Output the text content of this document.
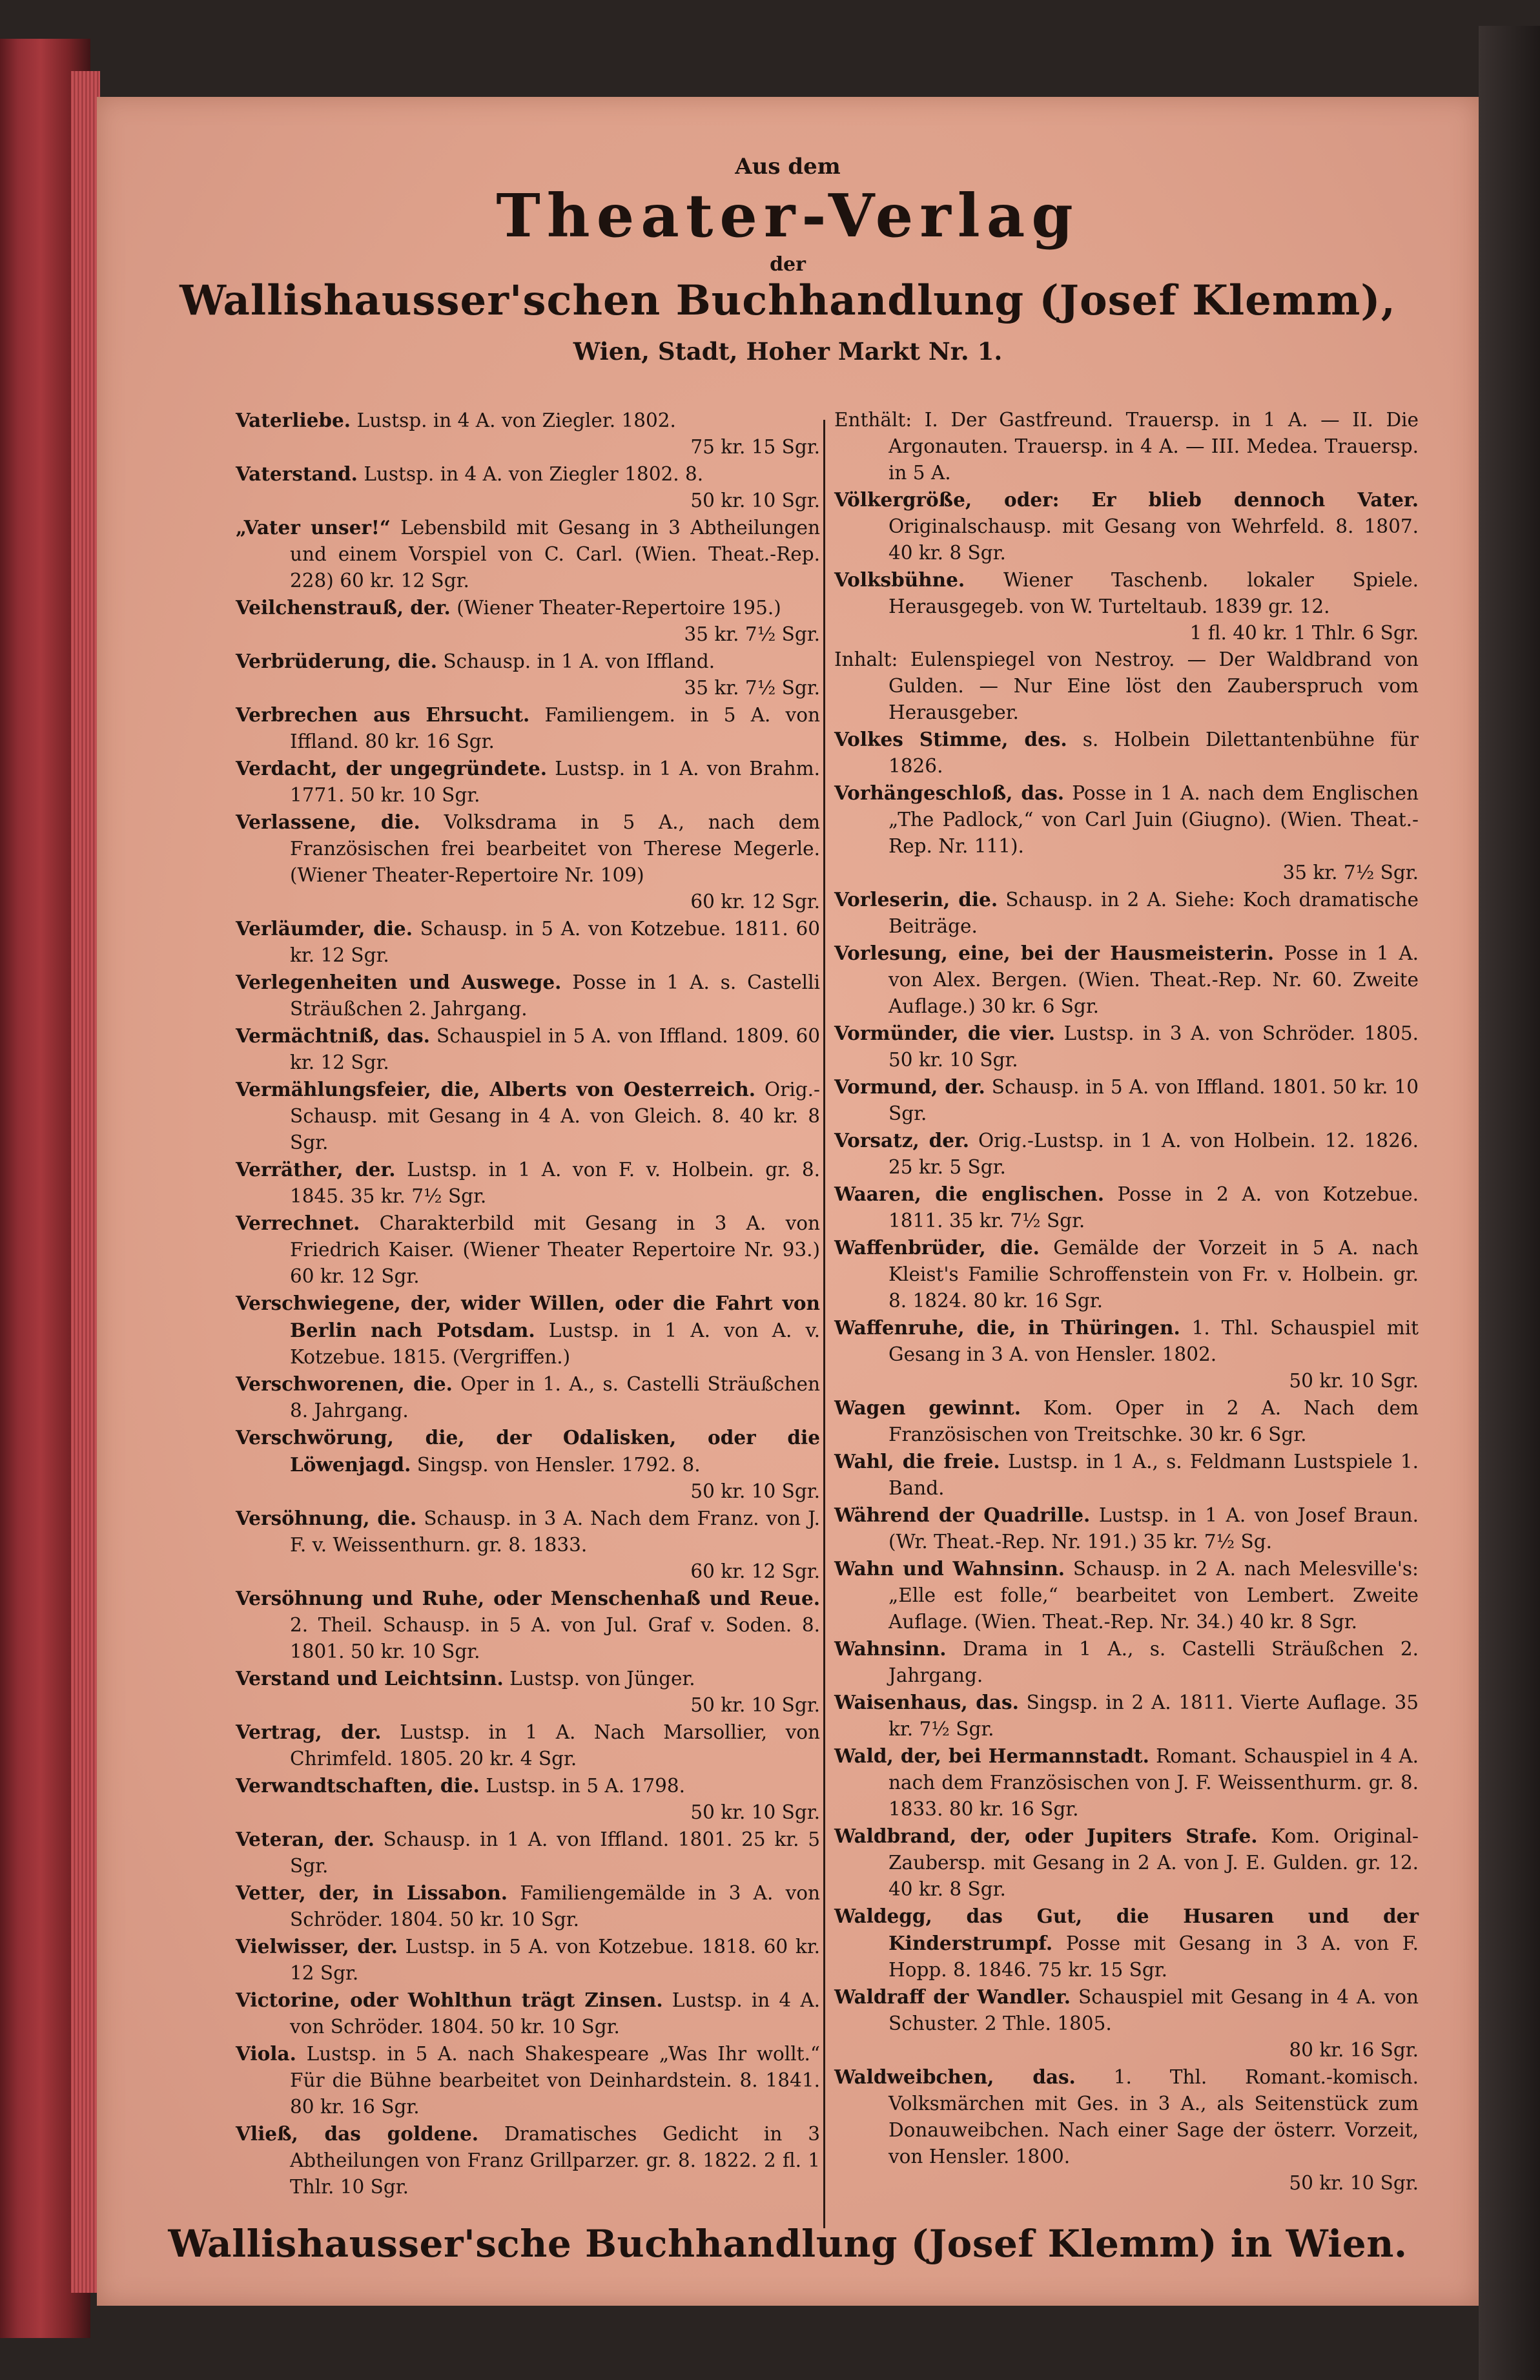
Aus dem
Theater-Verlag
der
Wallishausser'schen Buchhandlung (Josef Klemm),
Wien, Stadt, Hoher Markt Nr. 1.
Vaterliebe. Lustsp. in 4 A. von Ziegler. 1802.
75 kr. 15 Sgr.
Vaterstand. Lustsp. in 4 A. von Ziegler 1802. 8.
50 kr. 10 Sgr.
„Vater unser!“ Lebensbild mit Gesang in 3 Abtheilungen und einem Vorspiel von C. Carl. (Wien. Theat.-Rep. 228) 60 kr. 12 Sgr.
Veilchenstrauß, der. (Wiener Theater-Repertoire 195.)
35 kr. 7½ Sgr.
Verbrüderung, die. Schausp. in 1 A. von Iffland.
35 kr. 7½ Sgr.
Verbrechen aus Ehrsucht. Familiengem. in 5 A. von Iffland. 80 kr. 16 Sgr.
Verdacht, der ungegründete. Lustsp. in 1 A. von Brahm. 1771. 50 kr. 10 Sgr.
Verlassene, die. Volksdrama in 5 A., nach dem Französischen frei bearbeitet von Therese Megerle. (Wiener Theater-Repertoire Nr. 109)
60 kr. 12 Sgr.
Verläumder, die. Schausp. in 5 A. von Kotzebue. 1811. 60 kr. 12 Sgr.
Verlegenheiten und Auswege. Posse in 1 A. s. Castelli Sträußchen 2. Jahrgang.
Vermächtniß, das. Schauspiel in 5 A. von Iffland. 1809. 60 kr. 12 Sgr.
Vermählungsfeier, die, Alberts von Oesterreich. Orig.-Schausp. mit Gesang in 4 A. von Gleich. 8. 40 kr. 8 Sgr.
Verräther, der. Lustsp. in 1 A. von F. v. Holbein. gr. 8. 1845. 35 kr. 7½ Sgr.
Verrechnet. Charakterbild mit Gesang in 3 A. von Friedrich Kaiser. (Wiener Theater Repertoire Nr. 93.) 60 kr. 12 Sgr.
Verschwiegene, der, wider Willen, oder die Fahrt von Berlin nach Potsdam. Lustsp. in 1 A. von A. v. Kotzebue. 1815. (Vergriffen.)
Verschworenen, die. Oper in 1. A., s. Castelli Sträußchen 8. Jahrgang.
Verschwörung, die, der Odalisken, oder die Löwenjagd. Singsp. von Hensler. 1792. 8.
50 kr. 10 Sgr.
Versöhnung, die. Schausp. in 3 A. Nach dem Franz. von J. F. v. Weissenthurn. gr. 8. 1833.
60 kr. 12 Sgr.
Versöhnung und Ruhe, oder Menschenhaß und Reue. 2. Theil. Schausp. in 5 A. von Jul. Graf v. Soden. 8. 1801. 50 kr. 10 Sgr.
Verstand und Leichtsinn. Lustsp. von Jünger.
50 kr. 10 Sgr.
Vertrag, der. Lustsp. in 1 A. Nach Marsollier, von Chrimfeld. 1805. 20 kr. 4 Sgr.
Verwandtschaften, die. Lustsp. in 5 A. 1798.
50 kr. 10 Sgr.
Veteran, der. Schausp. in 1 A. von Iffland. 1801. 25 kr. 5 Sgr.
Vetter, der, in Lissabon. Familiengemälde in 3 A. von Schröder. 1804. 50 kr. 10 Sgr.
Vielwisser, der. Lustsp. in 5 A. von Kotzebue. 1818. 60 kr. 12 Sgr.
Victorine, oder Wohlthun trägt Zinsen. Lustsp. in 4 A. von Schröder. 1804. 50 kr. 10 Sgr.
Viola. Lustsp. in 5 A. nach Shakespeare „Was Ihr wollt.“ Für die Bühne bearbeitet von Deinhardstein. 8. 1841. 80 kr. 16 Sgr.
Vließ, das goldene. Dramatisches Gedicht in 3 Abtheilungen von Franz Grillparzer. gr. 8. 1822. 2 fl. 1 Thlr. 10 Sgr.
Enthält: I. Der Gastfreund. Trauersp. in 1 A. — II. Die Argonauten. Trauersp. in 4 A. — III. Medea. Trauersp. in 5 A.
Völkergröße, oder: Er blieb dennoch Vater. Originalschausp. mit Gesang von Wehrfeld. 8. 1807. 40 kr. 8 Sgr.
Volksbühne. Wiener Taschenb. lokaler Spiele. Herausgegeb. von W. Turteltaub. 1839 gr. 12.
1 fl. 40 kr. 1 Thlr. 6 Sgr.
Inhalt: Eulenspiegel von Nestroy. — Der Waldbrand von Gulden. — Nur Eine löst den Zauberspruch vom Herausgeber.
Volkes Stimme, des. s. Holbein Dilettantenbühne für 1826.
Vorhängeschloß, das. Posse in 1 A. nach dem Englischen „The Padlock,“ von Carl Juin (Giugno). (Wien. Theat.-Rep. Nr. 111).
35 kr. 7½ Sgr.
Vorleserin, die. Schausp. in 2 A. Siehe: Koch dramatische Beiträge.
Vorlesung, eine, bei der Hausmeisterin. Posse in 1 A. von Alex. Bergen. (Wien. Theat.-Rep. Nr. 60. Zweite Auflage.) 30 kr. 6 Sgr.
Vormünder, die vier. Lustsp. in 3 A. von Schröder. 1805. 50 kr. 10 Sgr.
Vormund, der. Schausp. in 5 A. von Iffland. 1801. 50 kr. 10 Sgr.
Vorsatz, der. Orig.-Lustsp. in 1 A. von Holbein. 12. 1826. 25 kr. 5 Sgr.
Waaren, die englischen. Posse in 2 A. von Kotzebue. 1811. 35 kr. 7½ Sgr.
Waffenbrüder, die. Gemälde der Vorzeit in 5 A. nach Kleist's Familie Schroffenstein von Fr. v. Holbein. gr. 8. 1824. 80 kr. 16 Sgr.
Waffenruhe, die, in Thüringen. 1. Thl. Schauspiel mit Gesang in 3 A. von Hensler. 1802.
50 kr. 10 Sgr.
Wagen gewinnt. Kom. Oper in 2 A. Nach dem Französischen von Treitschke. 30 kr. 6 Sgr.
Wahl, die freie. Lustsp. in 1 A., s. Feldmann Lustspiele 1. Band.
Während der Quadrille. Lustsp. in 1 A. von Josef Braun. (Wr. Theat.-Rep. Nr. 191.) 35 kr. 7½ Sg.
Wahn und Wahnsinn. Schausp. in 2 A. nach Melesville's: „Elle est folle,“ bearbeitet von Lembert. Zweite Auflage. (Wien. Theat.-Rep. Nr. 34.) 40 kr. 8 Sgr.
Wahnsinn. Drama in 1 A., s. Castelli Sträußchen 2. Jahrgang.
Waisenhaus, das. Singsp. in 2 A. 1811. Vierte Auflage. 35 kr. 7½ Sgr.
Wald, der, bei Hermannstadt. Romant. Schauspiel in 4 A. nach dem Französischen von J. F. Weissenthurm. gr. 8. 1833. 80 kr. 16 Sgr.
Waldbrand, der, oder Jupiters Strafe. Kom. Original-Zaubersp. mit Gesang in 2 A. von J. E. Gulden. gr. 12. 40 kr. 8 Sgr.
Waldegg, das Gut, die Husaren und der Kinderstrumpf. Posse mit Gesang in 3 A. von F. Hopp. 8. 1846. 75 kr. 15 Sgr.
Waldraff der Wandler. Schauspiel mit Gesang in 4 A. von Schuster. 2 Thle. 1805.
80 kr. 16 Sgr.
Waldweibchen, das. 1. Thl. Romant.-komisch. Volksmärchen mit Ges. in 3 A., als Seitenstück zum Donauweibchen. Nach einer Sage der österr. Vorzeit, von Hensler. 1800.
50 kr. 10 Sgr.
Wallishausser'sche Buchhandlung (Josef Klemm) in Wien.
